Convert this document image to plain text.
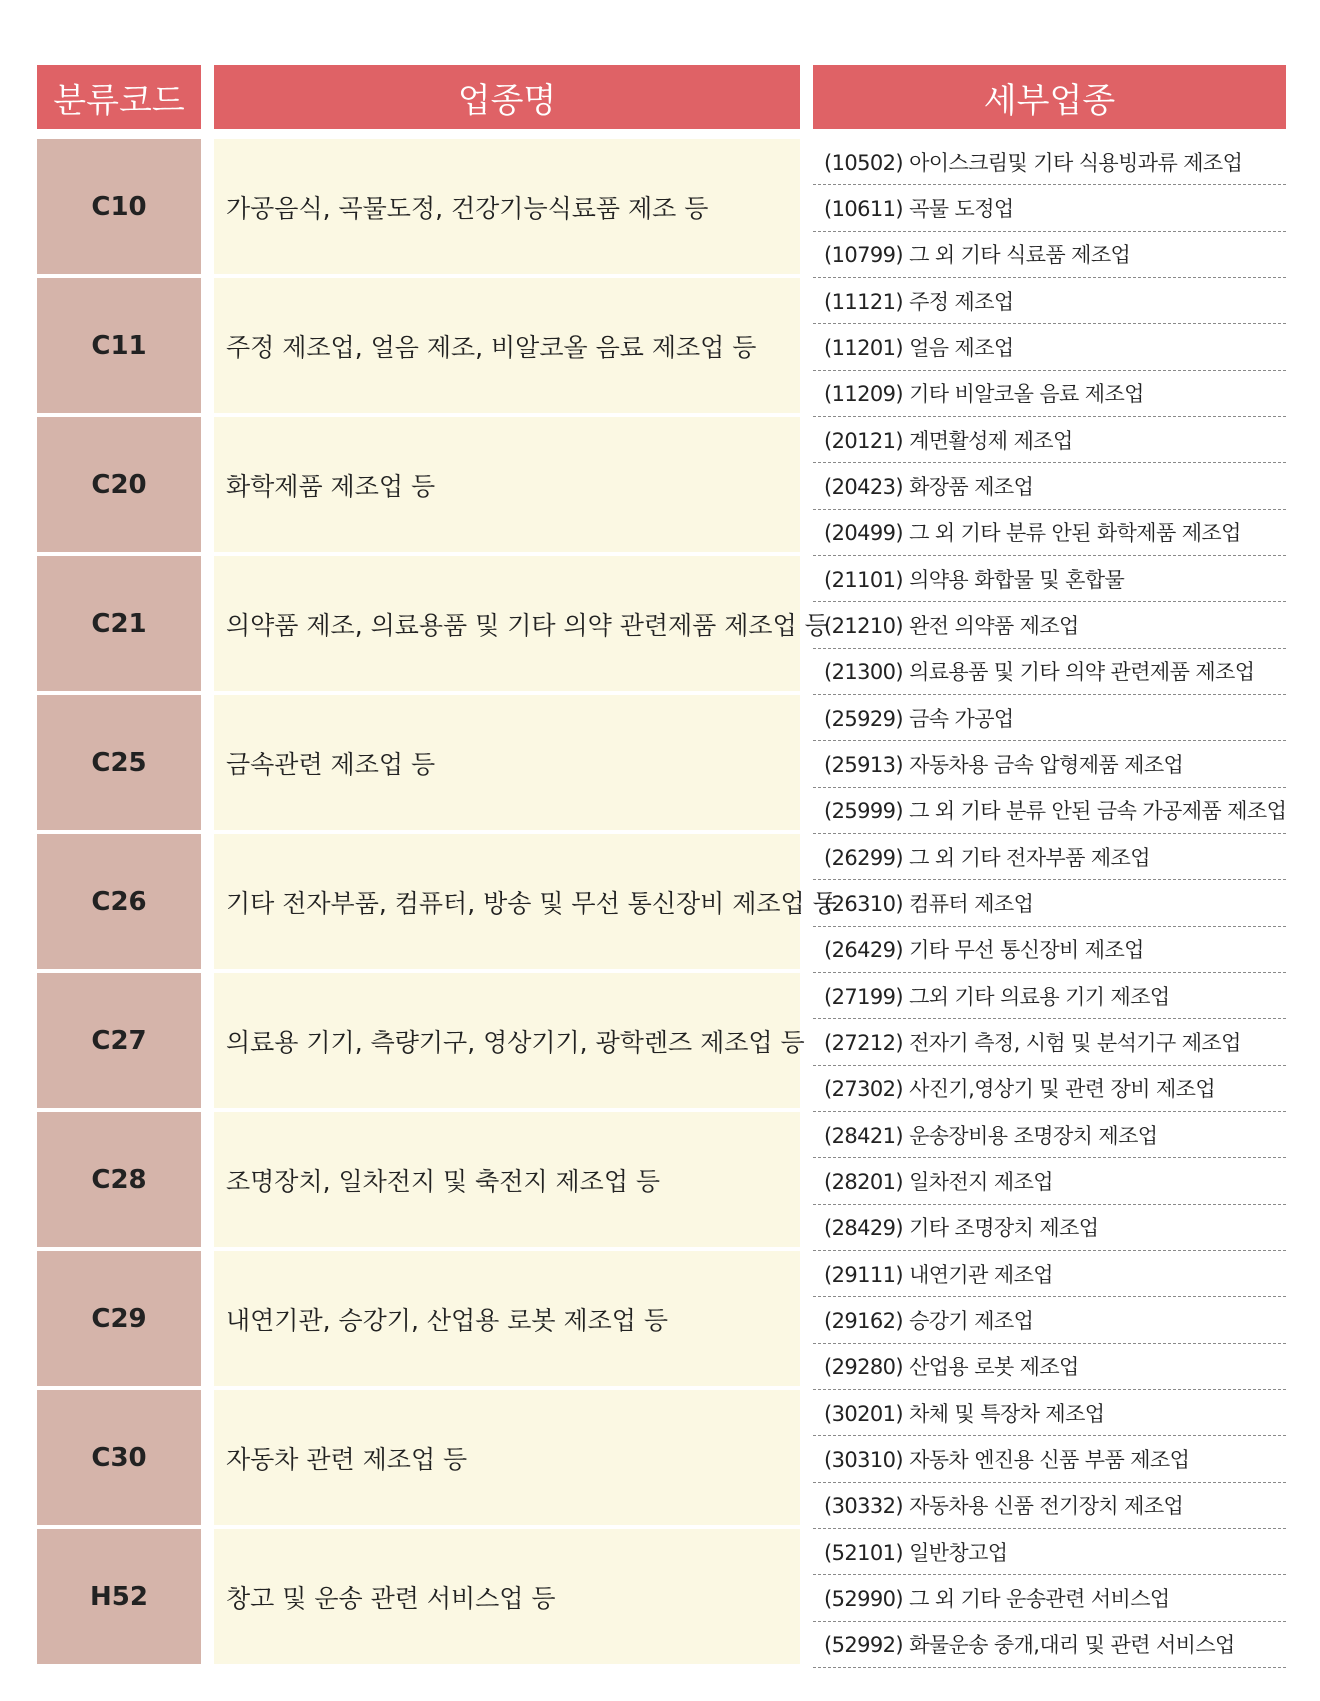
분류코드	업종명	세부업종
C10	가공음식, 곡물도정, 건강기능식료품 제조 등
(10502) 아이스크림및 기타 식용빙과류 제조업
(10611) 곡물 도정업
(10799) 그 외 기타 식료품 제조업
C11	주정 제조업, 얼음 제조, 비알코올 음료 제조업 등
(11121) 주정 제조업
(11201) 얼음 제조업
(11209) 기타 비알코올 음료 제조업
C20	화학제품 제조업 등
(20121) 계면활성제 제조업
(20423) 화장품 제조업
(20499) 그 외 기타 분류 안된 화학제품 제조업
C21	의약품 제조, 의료용품 및 기타 의약 관련제품 제조업 등
(21101) 의약용 화합물 및 혼합물
(21210) 완전 의약품 제조업
(21300) 의료용품 및 기타 의약 관련제품 제조업
C25	금속관련 제조업 등
(25929) 금속 가공업
(25913) 자동차용 금속 압형제품 제조업
(25999) 그 외 기타 분류 안된 금속 가공제품 제조업
C26	기타 전자부품, 컴퓨터, 방송 및 무선 통신장비 제조업 등
(26299) 그 외 기타 전자부품 제조업
(26310) 컴퓨터 제조업
(26429) 기타 무선 통신장비 제조업
C27	의료용 기기, 측량기구, 영상기기, 광학렌즈 제조업 등
(27199) 그외 기타 의료용 기기 제조업
(27212) 전자기 측정, 시험 및 분석기구 제조업
(27302) 사진기,영상기 및 관련 장비 제조업
C28	조명장치, 일차전지 및 축전지 제조업 등
(28421) 운송장비용 조명장치 제조업
(28201) 일차전지 제조업
(28429) 기타 조명장치 제조업
C29	내연기관, 승강기, 산업용 로봇 제조업 등
(29111) 내연기관 제조업
(29162) 승강기 제조업
(29280) 산업용 로봇 제조업
C30	자동차 관련 제조업 등
(30201) 차체 및 특장차 제조업
(30310) 자동차 엔진용 신품 부품 제조업
(30332) 자동차용 신품 전기장치 제조업
H52	창고 및 운송 관련 서비스업 등
(52101) 일반창고업
(52990) 그 외 기타 운송관련 서비스업
(52992) 화물운송 중개,대리 및 관련 서비스업
